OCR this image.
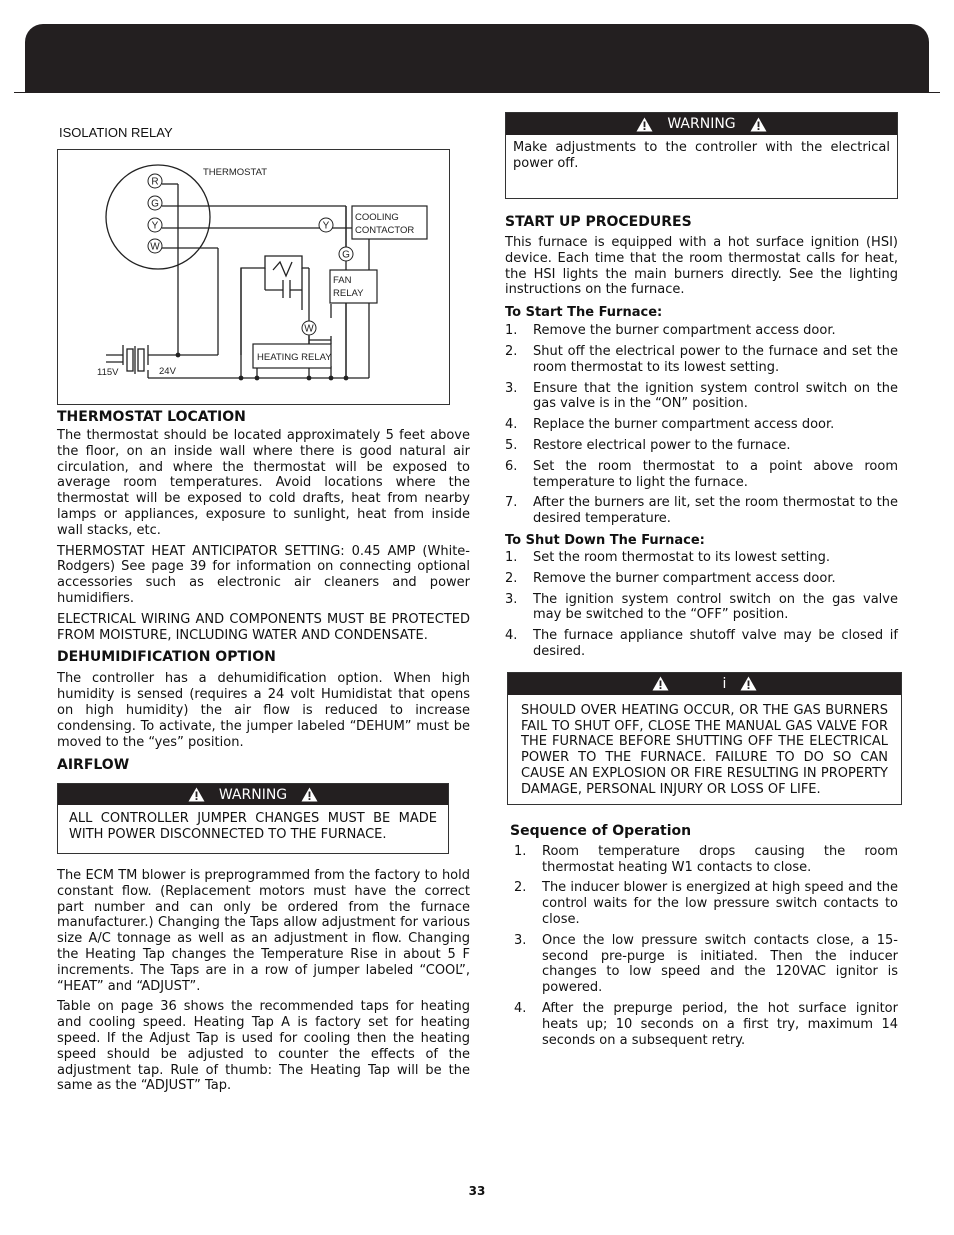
ISOLATION RELAY
R
G
Y
W
Y
G
W
THERMOSTAT
COOLING
CONTACTOR
FAN
RELAY
HEATING RELAY
115V	24V
THERMOSTAT LOCATION

The thermostat should be located approximately 5 feet above the floor, on an inside wall where there is good natural air circulation, and where the thermostat will be exposed to average room temperatures. Avoid locations where the thermostat will be exposed to cold drafts, heat from nearby lamps or appliances, exposure to sunlight, heat from inside wall stacks, etc.

THERMOSTAT HEAT ANTICIPATOR SETTING: 0.45 AMP (White-Rodgers) See page 39 for information on connecting optional accessories such as electronic air cleaners and power humidifiers.

ELECTRICAL WIRING AND COMPONENTS MUST BE PROTECTED FROM MOISTURE, INCLUDING WATER AND CONDENSATE.

DEHUMIDIFICATION OPTION

The controller has a dehumidification option. When high humidity is sensed (requires a 24 volt Humidistat that opens on high humidity) the air flow is reduced to increase condensing. To activate, the jumper labeled “DEHUM” must be moved to the “yes” position.

AIRFLOW
WARNING

ALL CONTROLLER JUMPER CHANGES MUST BE MADE WITH POWER DISCONNECTED TO THE FURNACE.

The ECM TM blower is preprogrammed from the factory to hold constant flow. (Replacement motors must have the correct part number and can only be ordered from the furnace manufacturer.) Changing the Taps allow adjustment for various size A/C tonnage as well as an adjustment in flow. Changing the Heating Tap changes the Temperature Rise in about 5 F increments. The Taps are in a row of jumper labeled “COOL”, “HEAT” and “ADJUST”.

Table on page 36 shows the recommended taps for heating and cooling speed. Heating Tap A is factory set for heating speed. If the Adjust Tap is used for cooling then the heating speed should be adjusted to counter the effects of the adjustment tap. Rule of thumb: The Heating Tap will be the same as the “ADJUST” Tap.

WARNING

Make adjustments to the controller with the electrical power off.

START UP PROCEDURES

This furnace is equipped with a hot surface ignition (HSI) device. Each time that the room thermostat calls for heat, the HSI lights the main burners directly. See the lighting instructions on the furnace.

To Start The Furnace:
1.	Remove the burner compartment access door.
2.	Shut off the electrical power to the furnace and set the room thermostat to its lowest setting.
3.	Ensure that the ignition system control switch on the gas valve is in the “ON” position.
4.	Replace the burner compartment access door.
5.	Restore electrical power to the furnace.
6.	Set the room thermostat to a point above room temperature to light the furnace.
7.	After the burners are lit, set the room thermostat to the desired temperature.
To Shut Down The Furnace:
1.	Set the room thermostat to its lowest setting.
2.	Remove the burner compartment access door.
3.	The ignition system control switch on the gas valve may be switched to the “OFF” position.
4.	The furnace appliance shutoff valve may be closed if desired.
i

SHOULD OVER HEATING OCCUR, OR THE GAS BURNERS FAIL TO SHUT OFF, CLOSE THE MANUAL GAS VALVE FOR THE FURNACE BEFORE SHUTTING OFF THE ELECTRICAL POWER TO THE FURNACE. FAILURE TO DO SO CAN CAUSE AN EXPLOSION OR FIRE RESULTING IN PROPERTY DAMAGE, PERSONAL INJURY OR LOSS OF LIFE.

Sequence of Operation
1.	Room temperature drops causing the room thermostat heating W1 contacts to close.
2.	The inducer blower is energized at high speed and the control waits for the low pressure switch contacts to close.
3.	Once the low pressure switch contacts close, a 15-second pre-purge is initiated. Then the inducer changes to low speed and the 120VAC ignitor is powered.
4.	After the prepurge period, the hot surface ignitor heats up; 10 seconds on a first try, maximum 14 seconds on a subsequent retry.
33
